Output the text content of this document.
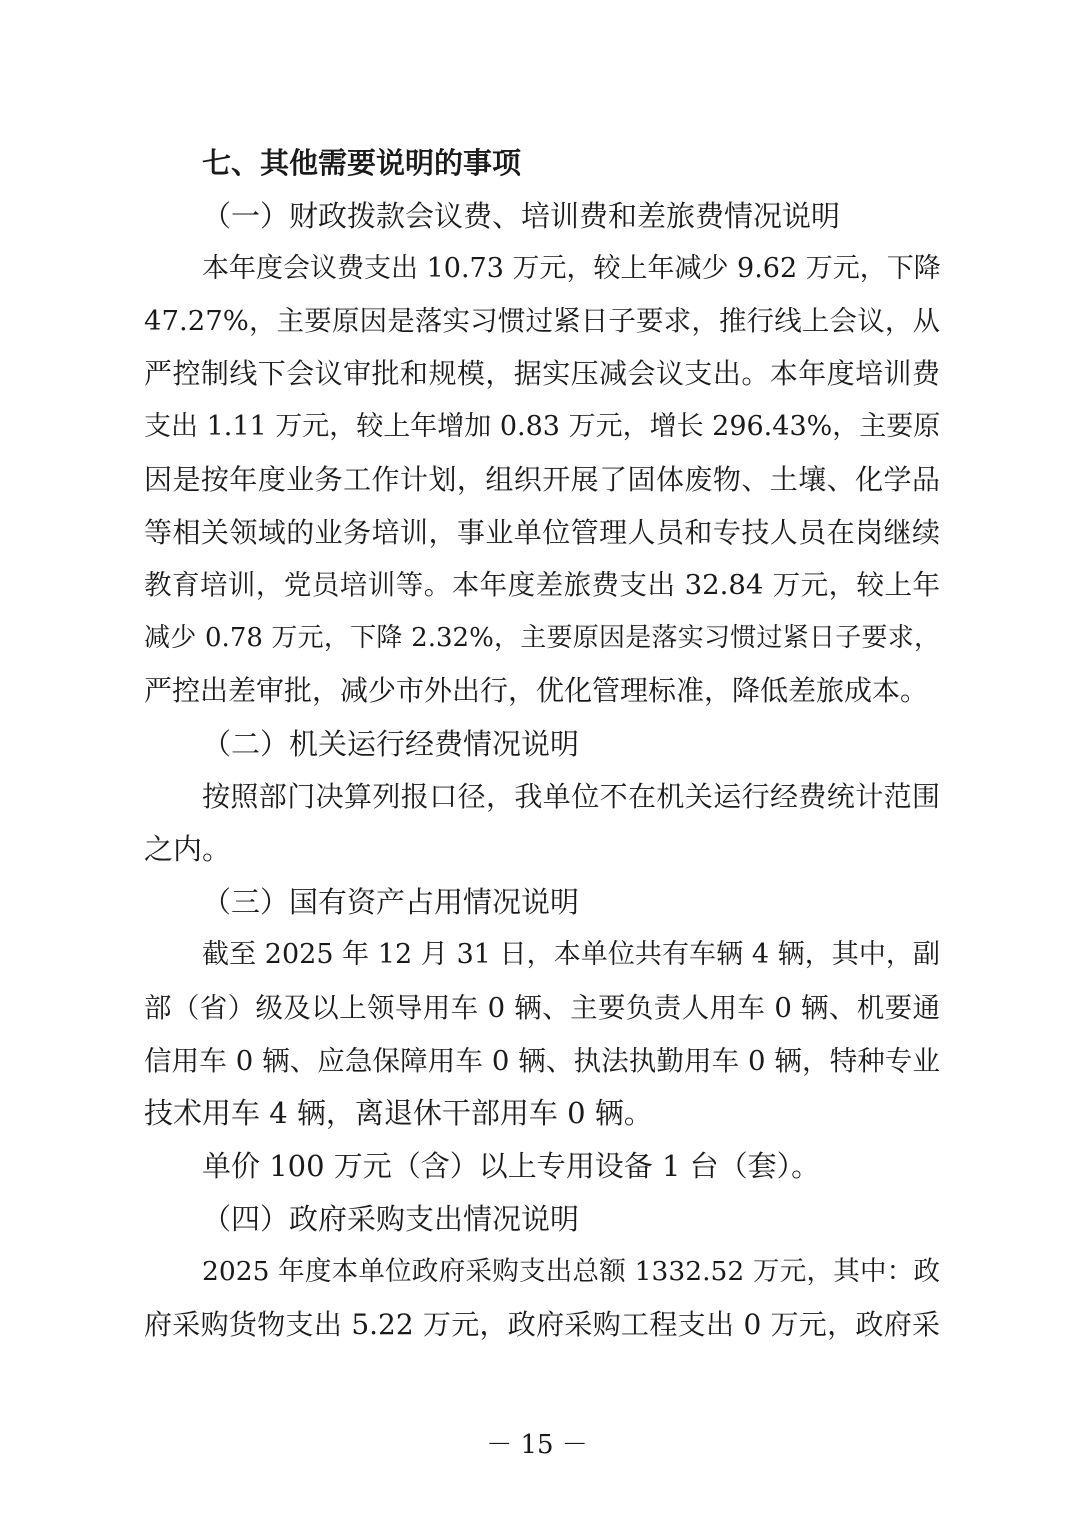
七、其他需要说明的事项
（一）财政拨款会议费、培训费和差旅费情况说明
本年度会议费支出 10.73 万元，较上年减少 9.62 万元，下降
47.27%，主要原因是落实习惯过紧日子要求，推行线上会议，从
严控制线下会议审批和规模，据实压减会议支出。本年度培训费
支出 1.11 万元，较上年增加 0.83 万元，增长 296.43%，主要原
因是按年度业务工作计划，组织开展了固体废物、土壤、化学品
等相关领域的业务培训，事业单位管理人员和专技人员在岗继续
教育培训，党员培训等。本年度差旅费支出 32.84 万元，较上年
减少 0.78 万元，下降 2.32%，主要原因是落实习惯过紧日子要求，
严控出差审批，减少市外出行，优化管理标准，降低差旅成本。
（二）机关运行经费情况说明
按照部门决算列报口径，我单位不在机关运行经费统计范围
之内。
（三）国有资产占用情况说明
截至 2025 年 12 月 31 日，本单位共有车辆 4 辆，其中，副
部（省）级及以上领导用车 0 辆、主要负责人用车 0 辆、机要通
信用车 0 辆、应急保障用车 0 辆、执法执勤用车 0 辆，特种专业
技术用车 4 辆，离退休干部用车 0 辆。
单价 100 万元（含）以上专用设备 1 台（套）。
（四）政府采购支出情况说明
2025 年度本单位政府采购支出总额 1332.52 万元，其中：政
府采购货物支出 5.22 万元，政府采购工程支出 0 万元，政府采
－ 15 －
